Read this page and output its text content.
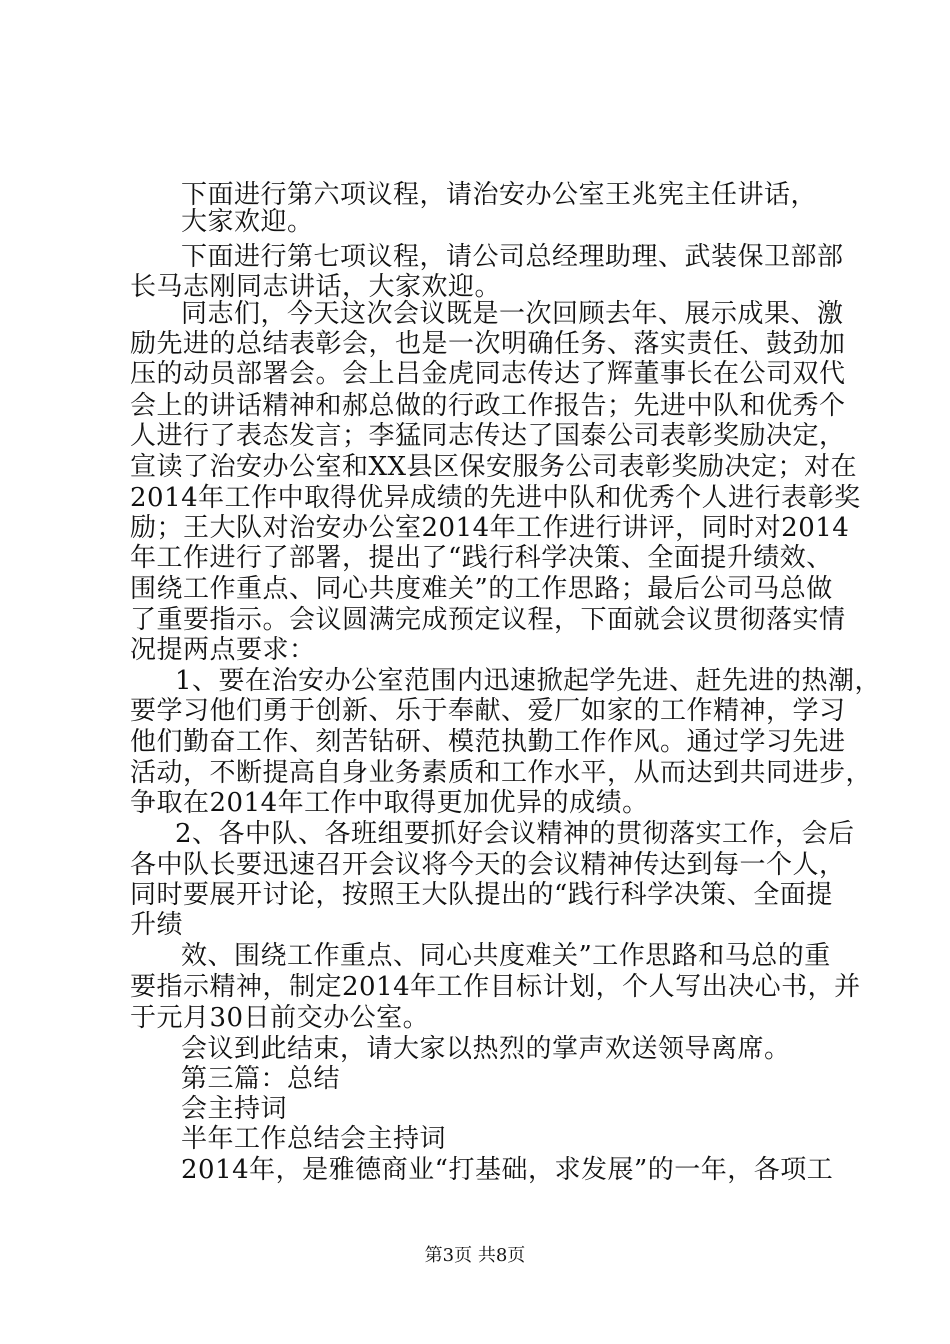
下面进行第六项议程，请治安办公室王兆宪主任讲话，
大家欢迎。
下面进行第七项议程，请公司总经理助理、武装保卫部部
长马志刚同志讲话，大家欢迎。
同志们，今天这次会议既是一次回顾去年、展示成果、激
励先进的总结表彰会，也是一次明确任务、落实责任、鼓劲加
压的动员部署会。会上吕金虎同志传达了辉董事长在公司双代
会上的讲话精神和郝总做的行政工作报告；先进中队和优秀个
人进行了表态发言；李猛同志传达了国泰公司表彰奖励决定，
宣读了治安办公室和XX县区保安服务公司表彰奖励决定；对在
2014年工作中取得优异成绩的先进中队和优秀个人进行表彰奖
励；王大队对治安办公室2014年工作进行讲评，同时对2014
年工作进行了部署，提出了“践行科学决策、全面提升绩效、
围绕工作重点、同心共度难关”的工作思路；最后公司马总做
了重要指示。会议圆满完成预定议程，下面就会议贯彻落实情
况提两点要求：
1、要在治安办公室范围内迅速掀起学先进、赶先进的热潮，
要学习他们勇于创新、乐于奉献、爱厂如家的工作精神，学习
他们勤奋工作、刻苦钻研、模范执勤工作作风。通过学习先进
活动，不断提高自身业务素质和工作水平，从而达到共同进步，
争取在2014年工作中取得更加优异的成绩。
2、各中队、各班组要抓好会议精神的贯彻落实工作，会后
各中队长要迅速召开会议将今天的会议精神传达到每一个人，
同时要展开讨论，按照王大队提出的“践行科学决策、全面提
升绩
效、围绕工作重点、同心共度难关”工作思路和马总的重
要指示精神，制定2014年工作目标计划，个人写出决心书，并
于元月30日前交办公室。
会议到此结束，请大家以热烈的掌声欢送领导离席。
第三篇：总结
会主持词
半年工作总结会主持词
2014年，是雅德商业“打基础，求发展”的一年，各项工
第3页 共8页
